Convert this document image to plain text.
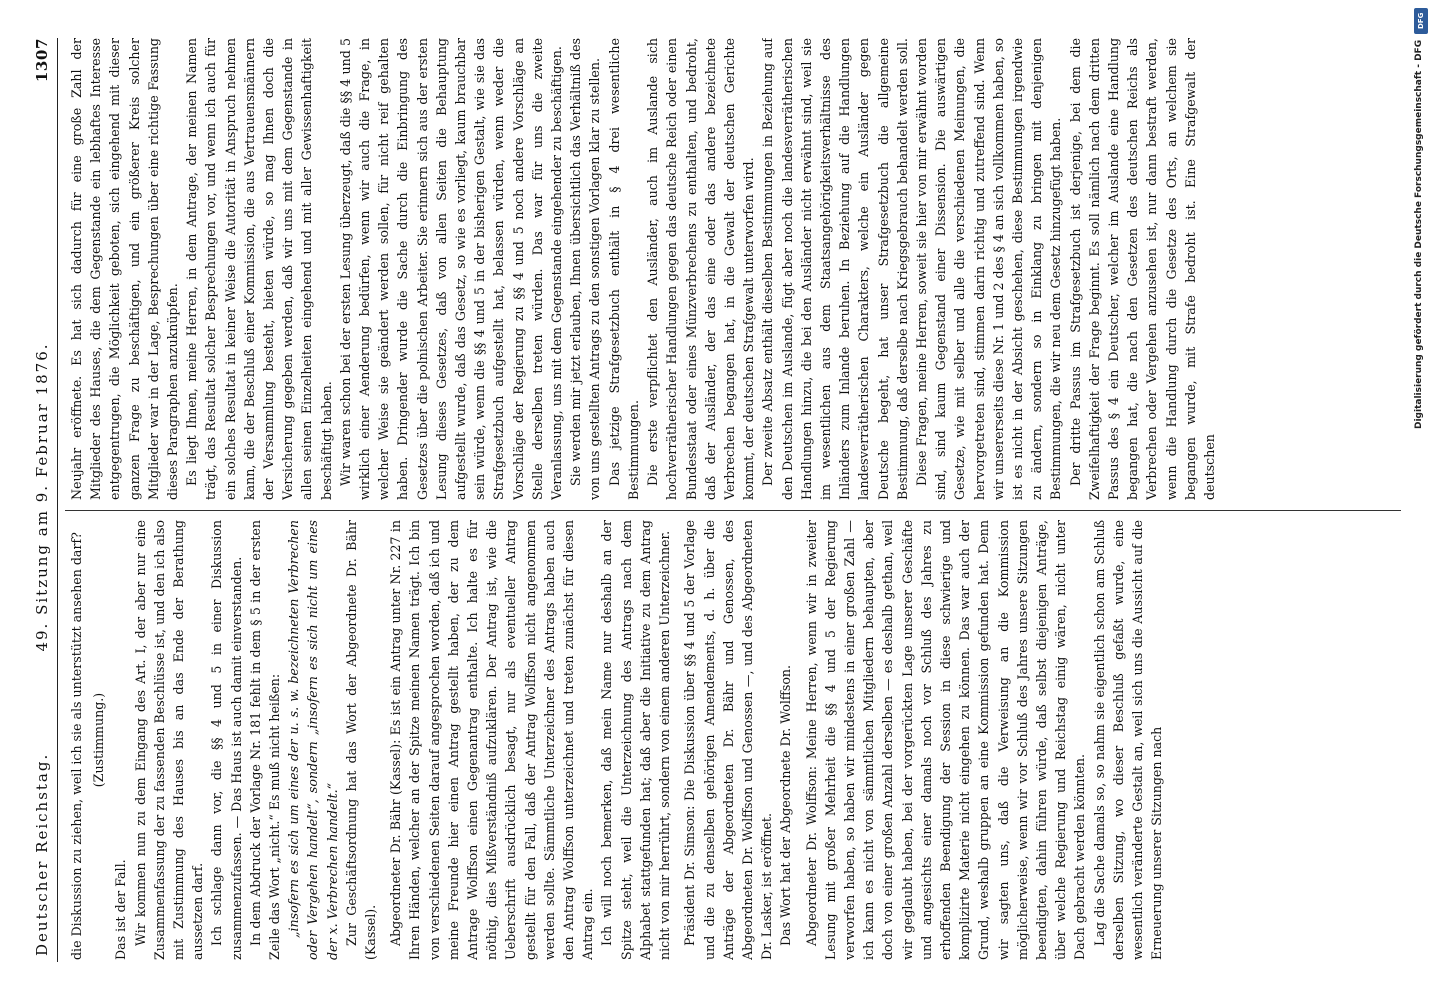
Deutscher Reichstag.
49. Sitzung am 9. Februar 1876.
1307

die Diskussion zu ziehen, weil ich sie als unterstützt ansehen darf? (Zustimmung.)

Das ist der Fall. Wir kommen nun zu dem Eingang des Art. I, der aber nur eine Zusammenfassung der zu fassenden Beschlüsse ist, und den ich also mit Zustimmung des Hauses bis an das Ende der Berathung aussetzen darf. Ich schlage dann vor, die §§ 4 und 5 in einer Diskussion zusammenzufassen. — Das Haus ist auch damit einverstanden. In dem Abdruck der Vorlage Nr. 181 fehlt in dem § 5 in der ersten Zeile das Wort „nicht.“ Es muß nicht heißen: „insofern es sich um eines der u. s. w. bezeichneten Verbrechen oder Vergehen handelt“, sondern „insofern es sich nicht um eines der x. Verbrechen handelt.“ Zur Geschäftsordnung hat das Wort der Abgeordnete Dr. Bähr (Kassel). Abgeordneter Dr. Bähr (Kassel): Es ist ein Antrag unter Nr. 227 in Ihren Händen, welcher an der Spitze meinen Namen trägt. Ich bin von verschiedenen Seiten darauf angesprochen worden, daß ich und meine Freunde hier einen Antrag gestellt haben, der zu dem Antrage Wolffson einen Gegenantrag enthalte. Ich halte es für nöthig, dies Mißverständniß aufzuklären. Der Antrag ist, wie die Ueberschrift ausdrücklich besagt, nur als eventueller Antrag gestellt für den Fall, daß der Antrag Wolffson nicht angenommen werden sollte. Sämmtliche Unterzeichner des Antrags haben auch den Antrag Wolffson unterzeichnet und treten zunächst für diesen Antrag ein. Ich will noch bemerken, daß mein Name nur deshalb an der Spitze steht, weil die Unterzeichnung des Antrags nach dem Alphabet stattgefunden hat; daß aber die Initiative zu dem Antrag nicht von mir herrührt, sondern von einem anderen Unterzeichner. Präsident Dr. Simson: Die Diskussion über §§ 4 und 5 der Vorlage und die zu denselben gehörigen Amendements, d. h. über die Anträge der Abgeordneten Dr. Bähr und Genossen, des Abgeordneten Dr. Wolffson und Genossen —, und des Abgeordneten Dr. Lasker, ist eröffnet. Das Wort hat der Abgeordnete Dr. Wolffson. Abgeordneter Dr. Wolffson: Meine Herren, wenn wir in zweiter Lesung mit großer Mehrheit die §§ 4 und 5 der Regierung verworfen haben, so haben wir mindestens in einer großen Zahl — ich kann es nicht von sämmtlichen Mitgliedern behaupten, aber doch von einer großen Anzahl derselben — es deshalb gethan, weil wir geglaubt haben, bei der vorgerückten Lage unserer Geschäfte und angesichts einer damals noch vor Schluß des Jahres zu erhoffenden Beendigung der Session in diese schwierige und komplizirte Materie nicht eingehen zu können. Das war auch der Grund, weshalb gruppen an eine Kommission gefunden hat. Denn wir sagten uns, daß die Verweisung an die Kommission möglicherweise, wenn wir vor Schluß des Jahres unsere Sitzungen beendigten, dahin führen würde, daß selbst diejenigen Anträge, über welche Regierung und Reichstag einig wären, nicht unter Dach gebracht werden könnten. Lag die Sache damals so, so nahm sie eigentlich schon am Schluß derselben Sitzung, wo dieser Beschluß gefaßt wurde, eine wesentlich veränderte Gestalt an, weil sich uns die Aussicht auf die Erneuerung unserer Sitzungen nach

Neujahr eröffnete. Es hat sich dadurch für eine große Zahl der Mitglieder des Hauses, die dem Gegenstande ein lebhaftes Interesse entgegentrugen, die Möglichkeit geboten, sich eingehend mit dieser ganzen Frage zu beschäftigen, und ein größerer Kreis solcher Mitglieder war in der Lage, Besprechungen über eine richtige Fassung dieses Paragraphen anzuknüpfen. Es liegt Ihnen, meine Herren, in dem Antrage, der meinen Namen trägt, das Resultat solcher Besprechungen vor, und wenn ich auch für ein solches Resultat in keiner Weise die Autorität in Anspruch nehmen kann, die der Beschluß einer Kommission, die aus Vertrauensmännern der Versammlung besteht, bieten würde, so mag Ihnen doch die Versicherung gegeben werden, daß wir uns mit dem Gegenstande in allen seinen Einzelheiten eingehend und mit aller Gewissenhaftigkeit beschäftigt haben. Wir waren schon bei der ersten Lesung überzeugt, daß die §§ 4 und 5 wirklich einer Aenderung bedürfen, wenn wir auch die Frage, in welcher Weise sie geändert werden sollen, für nicht reif gehalten haben. Dringender wurde die Sache durch die Einbringung des Gesetzes über die polnischen Arbeiter. Sie erinnern sich aus der ersten Lesung dieses Gesetzes, daß von allen Seiten die Behauptung aufgestellt wurde, daß das Gesetz, so wie es vorliegt, kaum brauchbar sein würde, wenn die §§ 4 und 5 in der bisherigen Gestalt, wie sie das Strafgesetzbuch aufgestellt hat, belassen würden, wenn weder die Vorschläge der Regierung zu §§ 4 und 5 noch andere Vorschläge an Stelle derselben treten würden. Das war für uns die zweite Veranlassung, uns mit dem Gegenstande eingehender zu beschäftigen. Sie werden mir jetzt erlauben, Ihnen übersichtlich das Verhältniß des von uns gestellten Antrags zu den sonstigen Vorlagen klar zu stellen. Das jetzige Strafgesetzbuch enthält in § 4 drei wesentliche Bestimmungen. Die erste verpflichtet den Ausländer, auch im Auslande sich hochverrätherischer Handlungen gegen das deutsche Reich oder einen Bundesstaat oder eines Münzverbrechens zu enthalten, und bedroht, daß der Ausländer, der das eine oder das andere bezeichnete Verbrechen begangen hat, in die Gewalt der deutschen Gerichte kommt, der deutschen Strafgewalt unterworfen wird. Der zweite Absatz enthält dieselben Bestimmungen in Beziehung auf den Deutschen im Auslande, fügt aber noch die landesverrätherischen Handlungen hinzu, die bei den Ausländer nicht erwähnt sind, weil sie im wesentlichen aus dem Staatsangehörigkeitsverhältnisse des Inländers zum Inlande beruhen. In Beziehung auf die Handlungen landesverrätherischen Charakters, welche ein Ausländer gegen Deutsche begeht, hat unser Strafgesetzbuch die allgemeine Bestimmung, daß derselbe nach Kriegsgebrauch behandelt werden soll. Diese Fragen, meine Herren, soweit sie hier von mir erwähnt worden sind, sind kaum Gegenstand einer Dissension. Die auswärtigen Gesetze, wie mit selber und alle die verschiedenen Meinungen, die hervorgetreten sind, stimmen darin richtig und zutreffend sind. Wenn wir unsererseits diese Nr. 1 und 2 des § 4 an sich vollkommen haben, so ist es nicht in der Absicht geschehen, diese Bestimmungen irgendwie zu ändern, sondern so in Einklang zu bringen mit denjenigen Bestimmungen, die wir neu dem Gesetz hinzugefügt haben. Der dritte Passus im Strafgesetzbuch ist derjenige, bei dem die Zweifelhaftigkeit der Frage beginnt. Es soll nämlich nach dem dritten Passus des § 4 ein Deutscher, welcher im Auslande eine Handlung begangen hat, die nach den Gesetzen des deutschen Reichs als Verbrechen oder Vergehen anzusehen ist, nur dann bestraft werden, wenn die Handlung durch die Gesetze des Orts, an welchem sie begangen wurde, mit Strafe bedroht ist. Eine Strafgewalt der deutschen

DFG
Digitalisierung gefördert durch die Deutsche Forschungsgemeinschaft - DFG
